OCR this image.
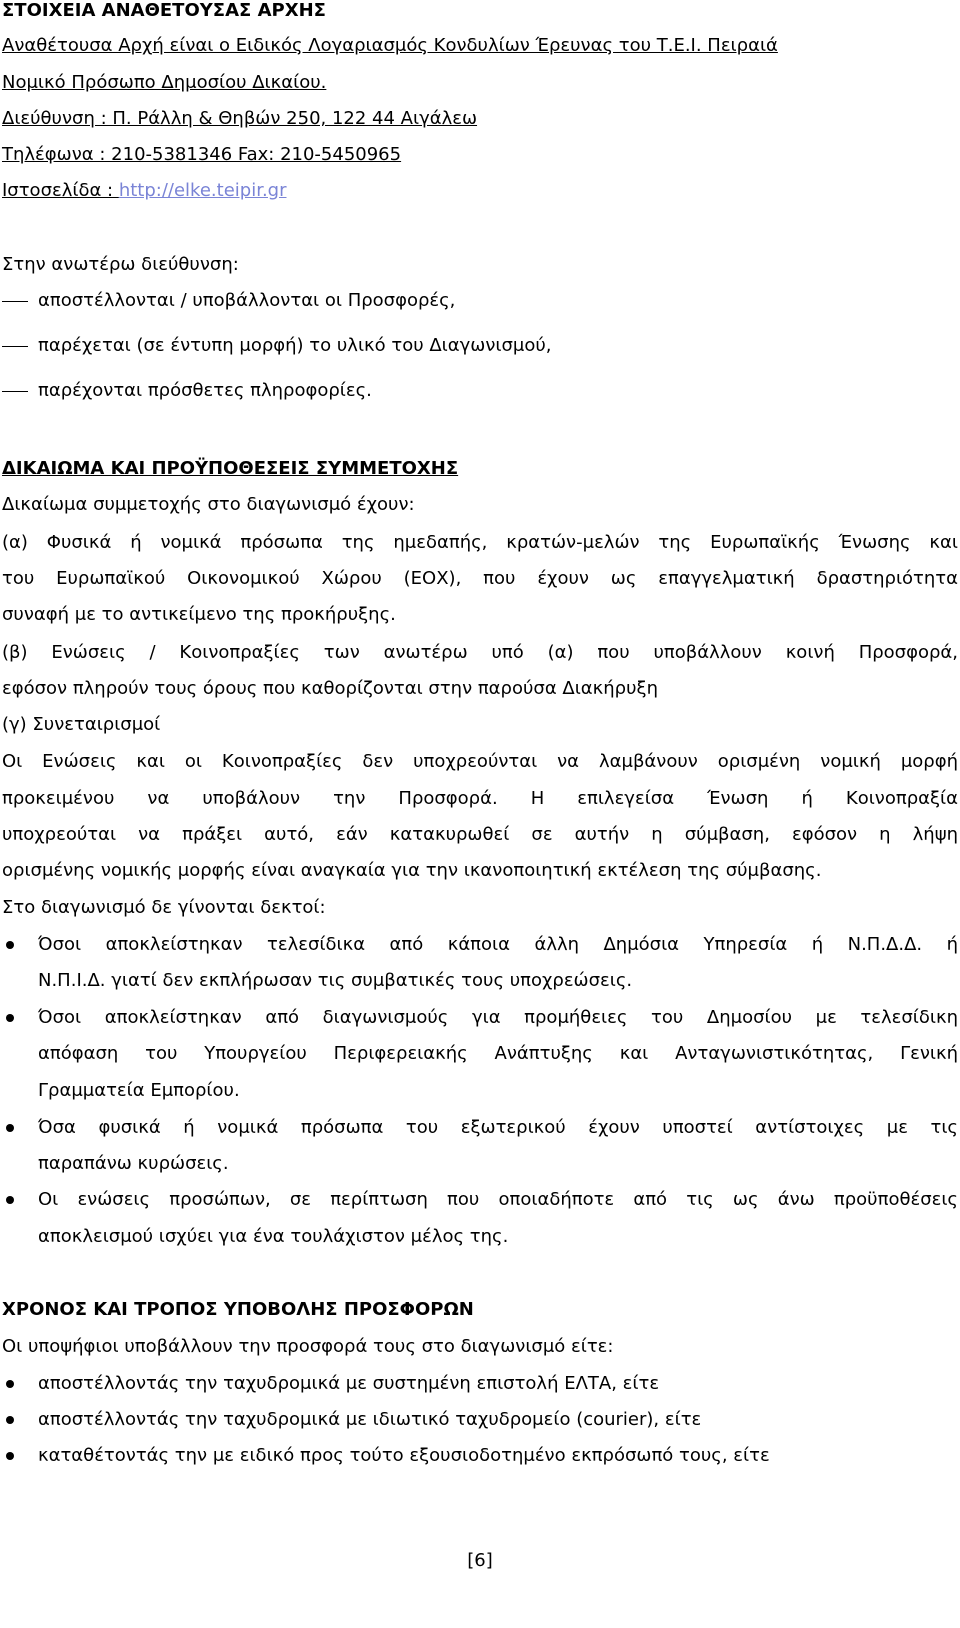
ΣΤΟΙΧΕΙΑ ΑΝΑΘΕΤΟΥΣΑΣ ΑΡΧΗΣ
Αναθέτουσα Αρχή είναι ο Ειδικός Λογαριασμός Κονδυλίων Έρευνας του Τ.Ε.Ι. Πειραιά
Νομικό Πρόσωπο Δημοσίου Δικαίου.
Διεύθυνση : Π. Ράλλη & Θηβών 250, 122 44 Αιγάλεω
Τηλέφωνα : 210-5381346 Fax: 210-5450965
Ιστοσελίδα : http://elke.teipir.gr
Στην ανωτέρω διεύθυνση:
αποστέλλονται / υποβάλλονται οι Προσφορές,
παρέχεται (σε έντυπη μορφή) το υλικό του Διαγωνισμού,
παρέχονται πρόσθετες πληροφορίες.
ΔΙΚΑΙΩΜΑ ΚΑΙ ΠΡΟΫΠΟΘΕΣΕΙΣ ΣΥΜΜΕΤΟΧΗΣ
Δικαίωμα συμμετοχής στο διαγωνισμό έχουν:
(α) Φυσικά ή νομικά πρόσωπα της ημεδαπής, κρατών-μελών της Ευρωπαϊκής Ένωσης και
του Ευρωπαϊκού Οικονομικού Χώρου (ΕΟΧ), που έχουν ως επαγγελματική δραστηριότητα
συναφή με το αντικείμενο της προκήρυξης.
(β) Ενώσεις / Κοινοπραξίες των ανωτέρω υπό (α) που υποβάλλουν κοινή Προσφορά,
εφόσον πληρούν τους όρους που καθορίζονται στην παρούσα Διακήρυξη
(γ) Συνεταιρισμοί
Οι Ενώσεις και οι Κοινοπραξίες δεν υποχρεούνται να λαμβάνουν ορισμένη νομική μορφή
προκειμένου να υποβάλουν την Προσφορά. Η επιλεγείσα Ένωση ή Κοινοπραξία
υποχρεούται να πράξει αυτό, εάν κατακυρωθεί σε αυτήν η σύμβαση, εφόσον η λήψη
ορισμένης νομικής μορφής είναι αναγκαία για την ικανοποιητική εκτέλεση της σύμβασης.
Στο διαγωνισμό δε γίνονται δεκτοί:
Όσοι αποκλείστηκαν τελεσίδικα από κάποια άλλη Δημόσια Υπηρεσία ή Ν.Π.Δ.Δ. ή
Ν.Π.Ι.Δ. γιατί δεν εκπλήρωσαν τις συμβατικές τους υποχρεώσεις.
Όσοι αποκλείστηκαν από διαγωνισμούς για προμήθειες του Δημοσίου με τελεσίδικη
απόφαση του Υπουργείου Περιφερειακής Ανάπτυξης και Ανταγωνιστικότητας, Γενική
Γραμματεία Εμπορίου.
Όσα φυσικά ή νομικά πρόσωπα του εξωτερικού έχουν υποστεί αντίστοιχες με τις
παραπάνω κυρώσεις.
Οι ενώσεις προσώπων, σε περίπτωση που οποιαδήποτε από τις ως άνω προϋποθέσεις
αποκλεισμού ισχύει για ένα τουλάχιστον μέλος της.
ΧΡΟΝΟΣ ΚΑΙ ΤΡΟΠΟΣ ΥΠΟΒΟΛΗΣ ΠΡΟΣΦΟΡΩΝ
Οι υποψήφιοι υποβάλλουν την προσφορά τους στο διαγωνισμό είτε:
αποστέλλοντάς την ταχυδρομικά με συστημένη επιστολή ΕΛΤΑ, είτε
αποστέλλοντάς την ταχυδρομικά με ιδιωτικό ταχυδρομείο (courier), είτε
καταθέτοντάς την με ειδικό προς τούτο εξουσιοδοτημένο εκπρόσωπό τους, είτε
[6]
